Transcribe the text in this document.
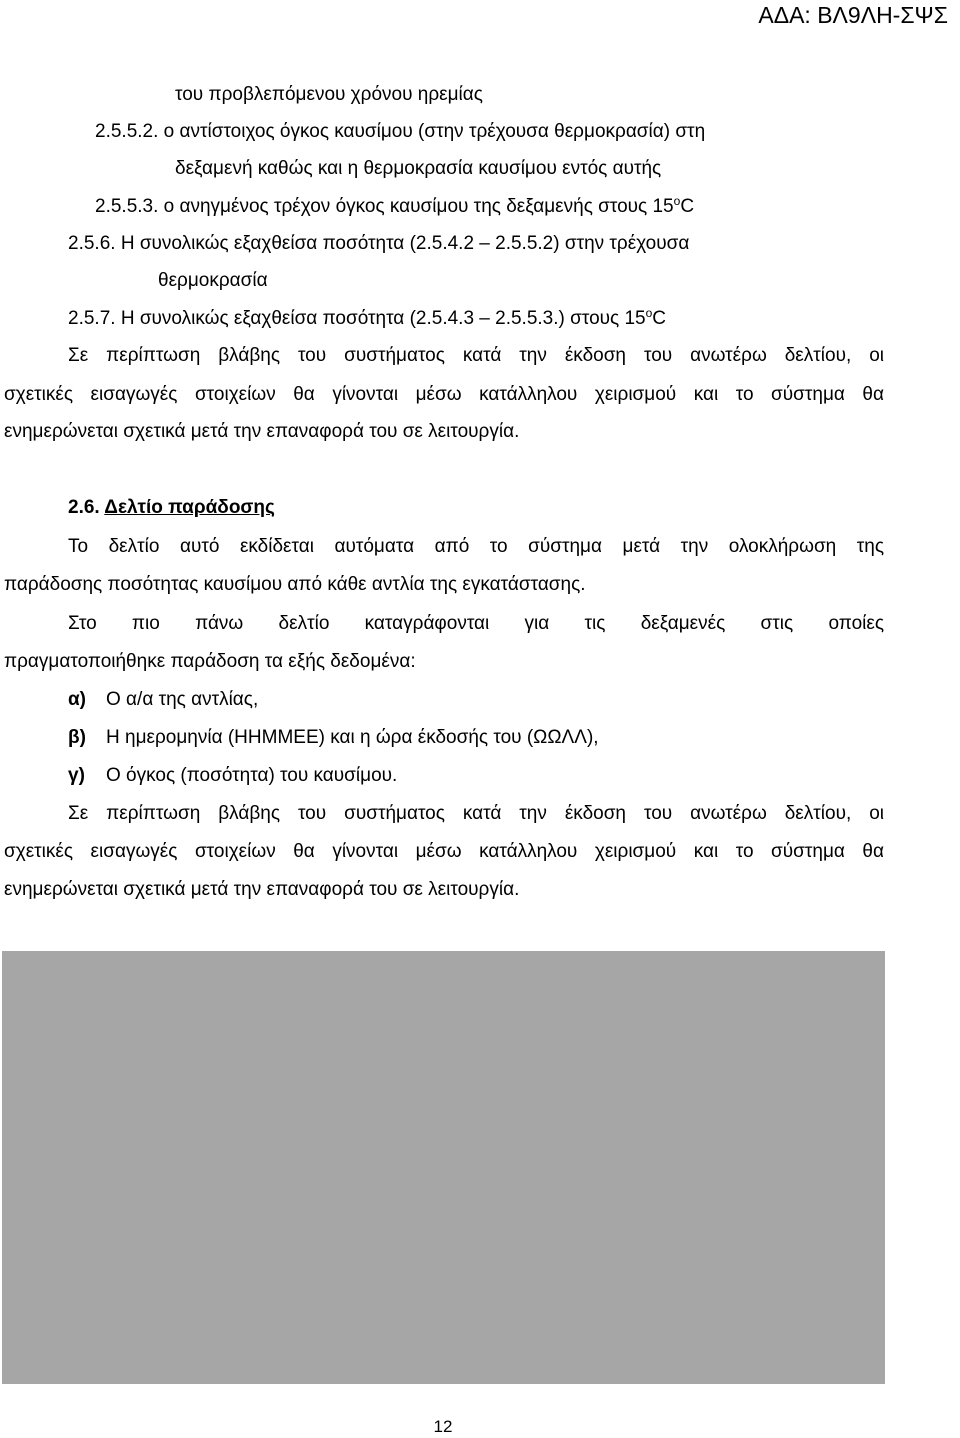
ΑΔΑ: ΒΛ9ΛΗ-ΣΨΣ
του προβλεπόμενου χρόνου ηρεμίας
2.5.5.2. ο αντίστοιχος όγκος καυσίμου (στην τρέχουσα θερμοκρασία) στη
δεξαμενή καθώς και η θερμοκρασία καυσίμου εντός αυτής
2.5.5.3. ο ανηγμένος τρέχον όγκος καυσίμου της δεξαμενής στους 15$^o$C
2.5.6. Η συνολικώς εξαχθείσα ποσότητα (2.5.4.2 – 2.5.5.2) στην τρέχουσα
θερμοκρασία
2.5.7. Η συνολικώς εξαχθείσα ποσότητα (2.5.4.3 – 2.5.5.3.) στους 15$^o$C
Σε περίπτωση βλάβης του συστήματος κατά την έκδοση του ανωτέρω δελτίου, οι
σχετικές εισαγωγές στοιχείων θα γίνονται μέσω κατάλληλου χειρισμού και το σύστημα θα
ενημερώνεται σχετικά μετά την επαναφορά του σε λειτουργία.
2.6. Δελτίο παράδοσης
Το δελτίο αυτό εκδίδεται αυτόματα από το σύστημα μετά την ολοκλήρωση της
παράδοσης ποσότητας καυσίμου από κάθε αντλία της εγκατάστασης.
Στο πιο πάνω δελτίο καταγράφονται για τις δεξαμενές στις οποίες
πραγματοποιήθηκε παράδοση τα εξής δεδομένα:
α) Ο α/α της αντλίας,
β) Η ημερομηνία (ΗΗΜΜΕΕ) και η ώρα έκδοσής του (ΩΩΛΛ),
γ) Ο όγκος (ποσότητα) του καυσίμου.
Σε περίπτωση βλάβης του συστήματος κατά την έκδοση του ανωτέρω δελτίου, οι
σχετικές εισαγωγές στοιχείων θα γίνονται μέσω κατάλληλου χειρισμού και το σύστημα θα
ενημερώνεται σχετικά μετά την επαναφορά του σε λειτουργία.
12
